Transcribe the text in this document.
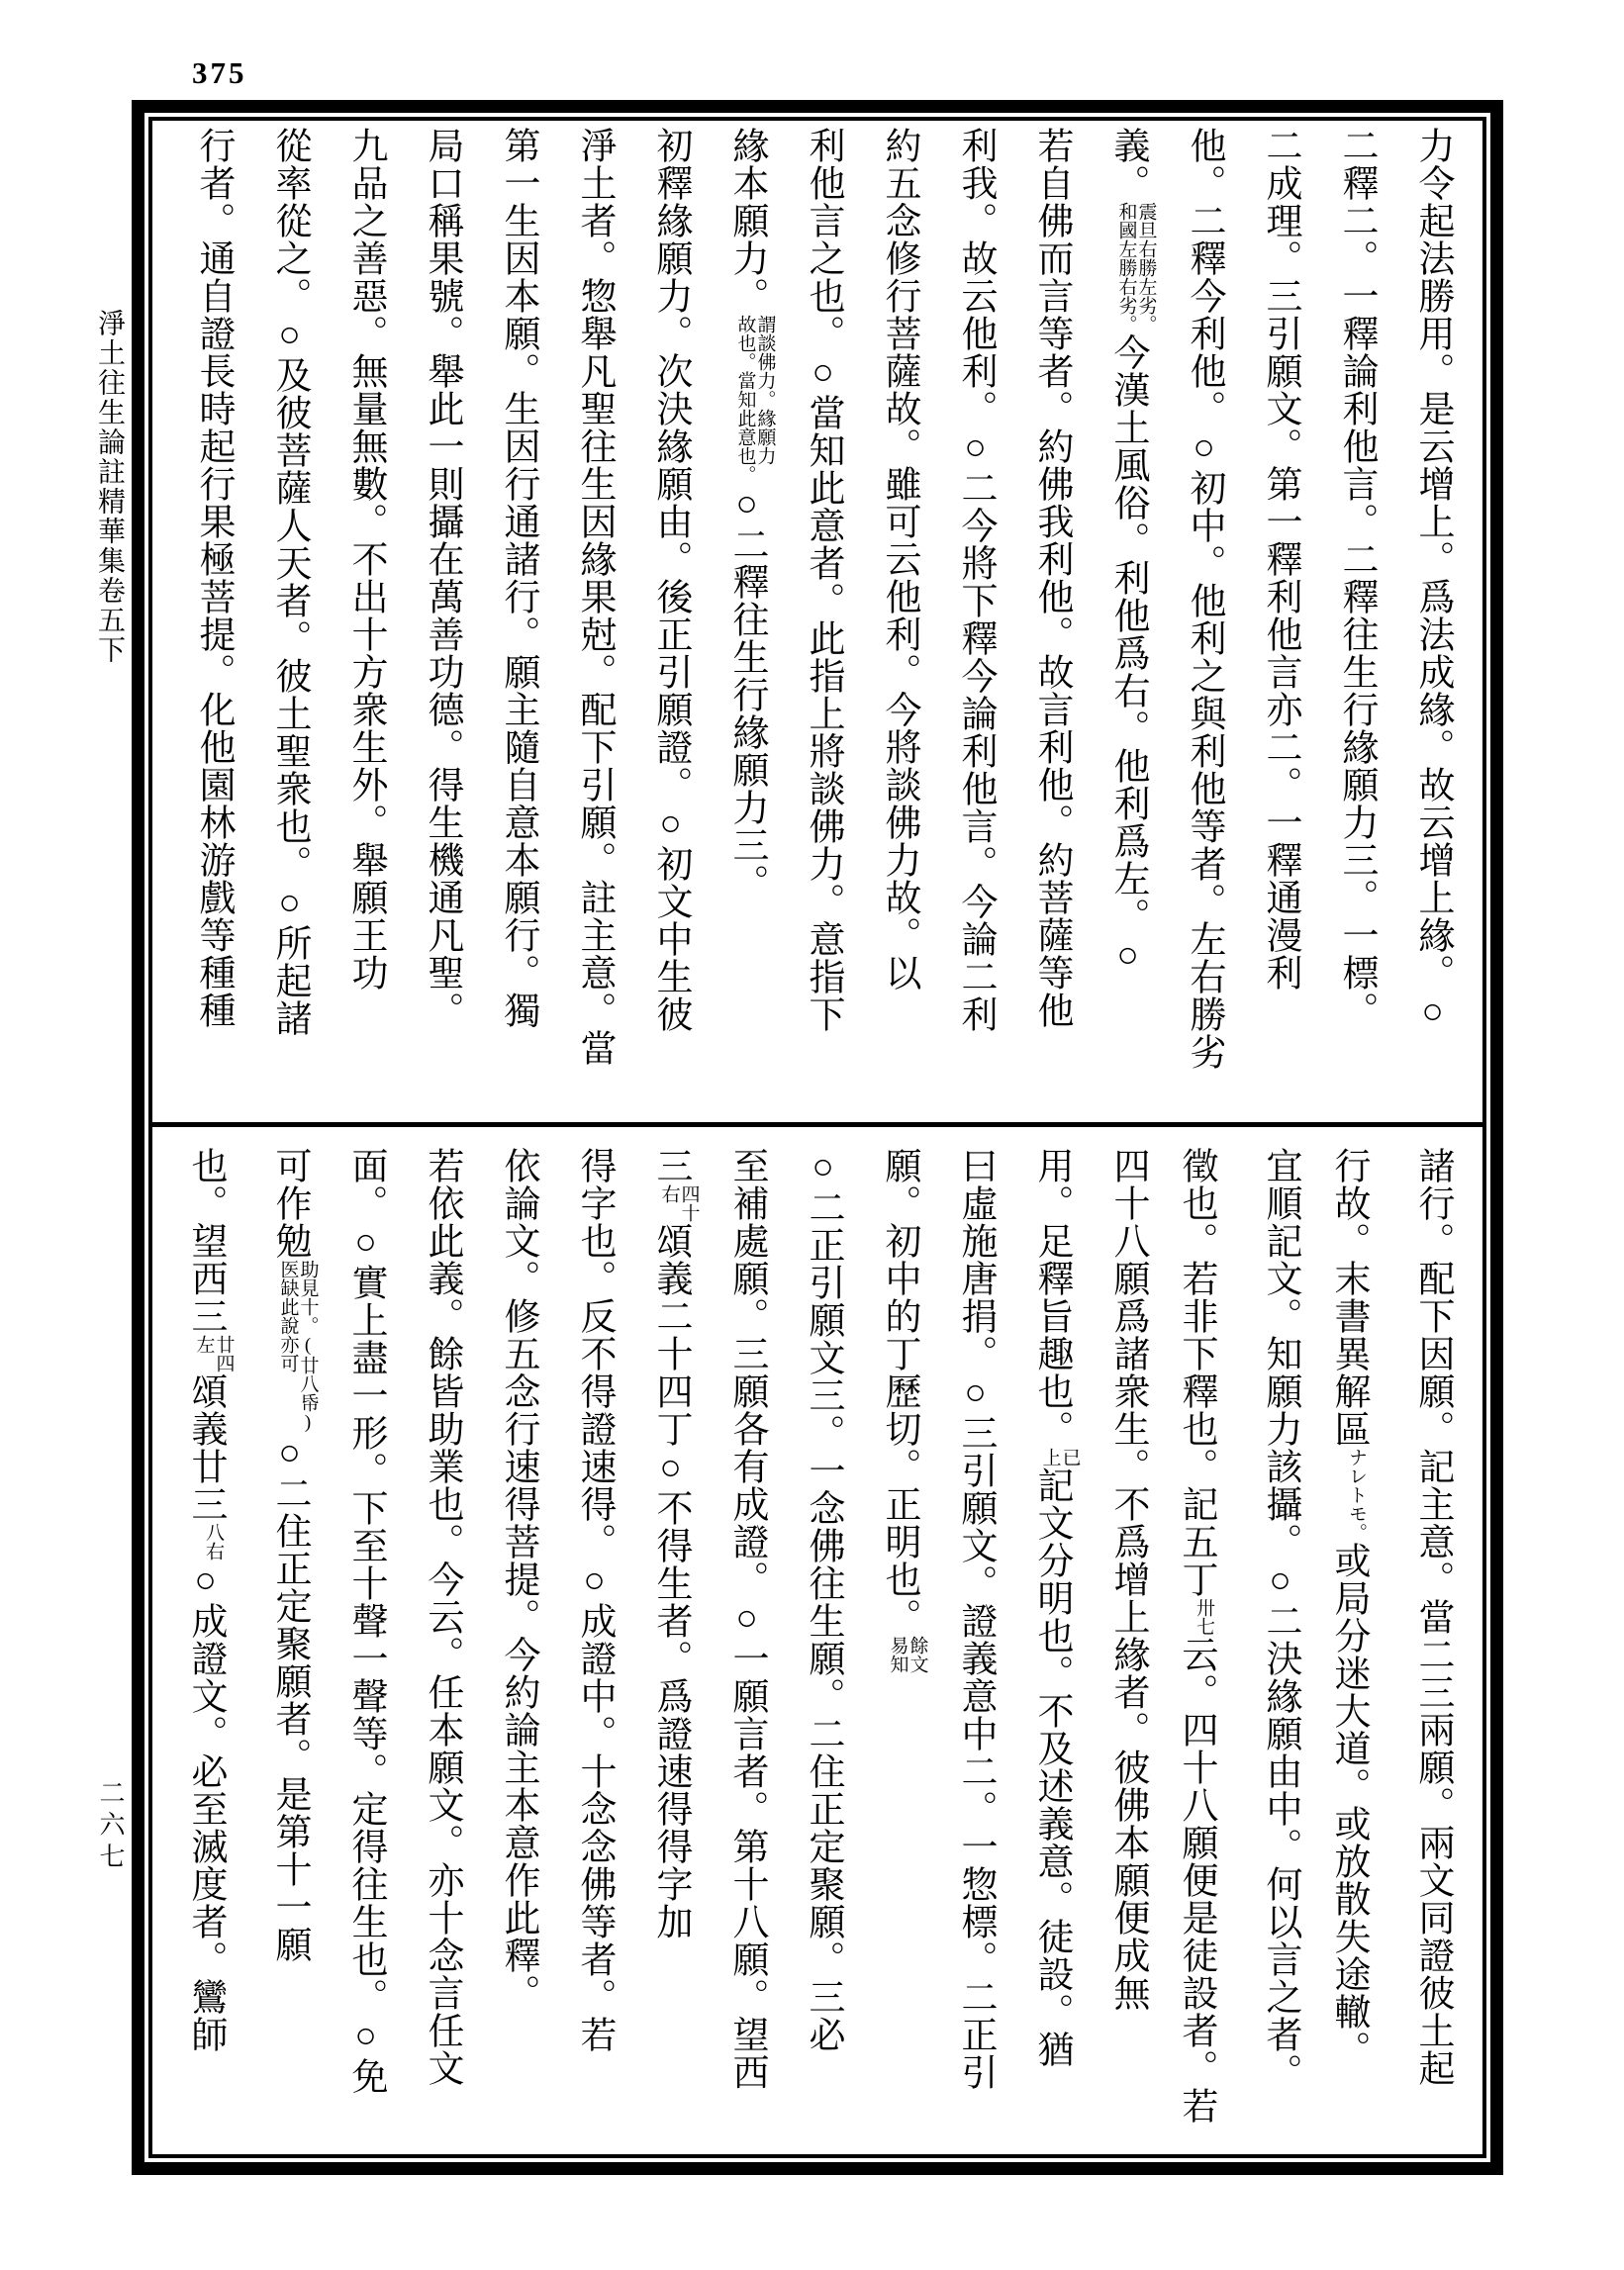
375
淨土往生論註精華集卷五下
二六七
力令起法勝用。是云增上。爲法成緣。故云增上緣。○
二釋二。一釋論利他言。二釋往生行緣願力三。一標。
二成理。三引願文。第一釋利他言亦二。一釋通漫利
他。二釋今利他。○初中。他利之與利他等者。左右勝劣
義。
震旦右勝左劣。
和國左勝右劣。
今漢土風俗。利他爲右。他利爲左。○
若自佛而言等者。約佛我利他。故言利他。約菩薩等他
利我。故云他利。○二今將下釋今論利他言。今論二利
約五念修行菩薩故。雖可云他利。今將談佛力故。以
利他言之也。○當知此意者。此指上將談佛力。意指下
緣本願力。
謂談佛力。緣願力
故也。當知此意也。
○二釋往生行緣願力三。
初釋緣願力。次決緣願由。後正引願證。○初文中生彼
淨土者。惣舉凡聖往生因緣果尅。配下引願。註主意。當
第一生因本願。生因行通諸行。願主隨自意本願行。獨
局口稱果號。舉此一則攝在萬善功德。得生機通凡聖。
九品之善惡。無量無數。不出十方衆生外。舉願王功
從率從之。○及彼菩薩人天者。彼土聖衆也。○所起諸
行者。通自證長時起行果極菩提。化他園林游戲等種種
諸行。配下因願。記主意。當二三兩願。兩文同證彼土起
行故。末書異解區ナレトモ。或局分迷大道。或放散失途轍。
宜順記文。知願力該攝。○二決緣願由中。何以言之者。
徵也。若非下釋也。記五丁卅七云。四十八願便是徒設者。若
四十八願爲諸衆生。不爲增上緣者。彼佛本願便成無
用。足釋旨趣也。
已
上
記文分明也。不及述義意。徒設。猶
曰虛施唐捐。○三引願文。證義意中二。一惣標。二正引
願。初中的丁歷切。正明也。
餘文
易知
○二正引願文三。一念佛往生願。二住正定聚願。三必
至補處願。三願各有成證。○一願言者。第十八願。望西
三
四十
右
頌義二十四丁○不得生者。爲證速得得字加
得字也。反不得證速得。○成證中。十念念佛等者。若
依論文。修五念行速得菩提。今約論主本意作此釋。
若依此義。餘皆助業也。今云。任本願文。亦十念言任文
面。○實上盡一形。下至十聲一聲等。定得往生也。○免
可作勉
助見十。(廿八帋)
医缺此說亦可
○二住正定聚願者。是第十一願
也。望西三
廿四
左
頌義廿三八右○成證文。必至滅度者。鸞師
